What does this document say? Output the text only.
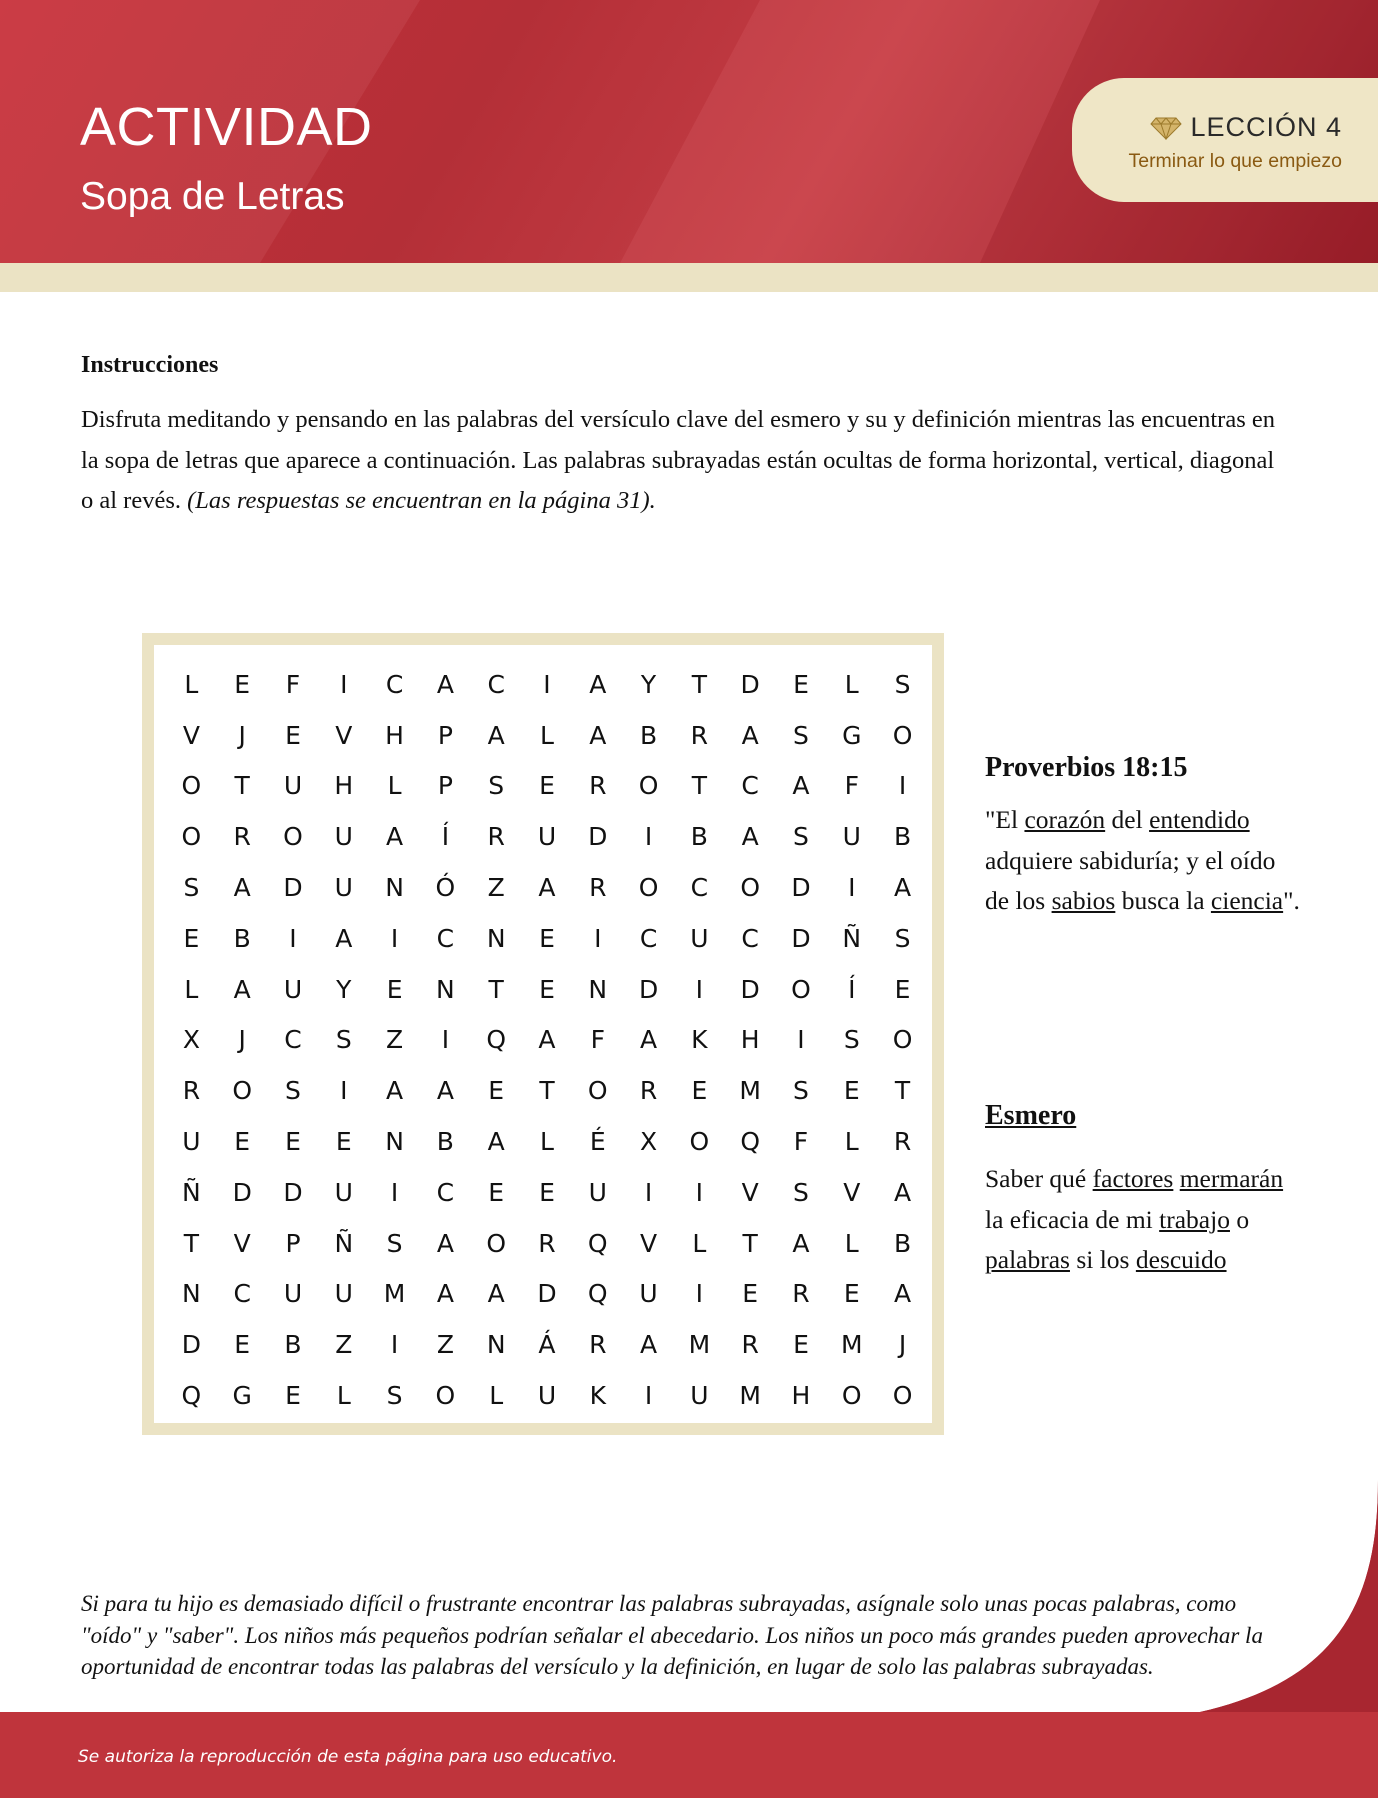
ACTIVIDAD
Sopa de Letras
LECCIÓN 4
Terminar lo que empiezo
Instrucciones
Disfruta meditando y pensando en las palabras del versículo clave del esmero y su y definición mientras las encuentras en la sopa de letras que aparece a continuación. Las palabras subrayadas están ocultas de forma horizontal, vertical, diagonal o al revés. (Las respuestas se encuentran en la página 31).
L	E	F	I	C	A	C	I	A	Y	T	D	E	L	S
V	J	E	V	H	P	A	L	A	B	R	A	S	G	O
O	T	U	H	L	P	S	E	R	O	T	C	A	F	I
O	R	O	U	A	Í	R	U	D	I	B	A	S	U	B
S	A	D	U	N	Ó	Z	A	R	O	C	O	D	I	A
E	B	I	A	I	C	N	E	I	C	U	C	D	Ñ	S
L	A	U	Y	E	N	T	E	N	D	I	D	O	Í	E
X	J	C	S	Z	I	Q	A	F	A	K	H	I	S	O
R	O	S	I	A	A	E	T	O	R	E	M	S	E	T
U	E	E	E	N	B	A	L	É	X	O	Q	F	L	R
Ñ	D	D	U	I	C	E	E	U	I	I	V	S	V	A
T	V	P	Ñ	S	A	O	R	Q	V	L	T	A	L	B
N	C	U	U	M	A	A	D	Q	U	I	E	R	E	A
D	E	B	Z	I	Z	N	Á	R	A	M	R	E	M	J
Q	G	E	L	S	O	L	U	K	I	U	M	H	O	O
Proverbios 18:15
"El corazón del entendido adquiere sabiduría; y el oído de los sabios busca la ciencia".
Esmero
Saber qué factores mermarán la eficacia de mi trabajo o palabras si los descuido
Si para tu hijo es demasiado difícil o frustrante encontrar las palabras subrayadas, asígnale solo unas pocas palabras, como "oído" y "saber". Los niños más pequeños podrían señalar el abecedario. Los niños un poco más grandes pueden aprovechar la oportunidad de encontrar todas las palabras del versículo y la definición, en lugar de solo las palabras subrayadas.
Se autoriza la reproducción de esta página para uso educativo.
